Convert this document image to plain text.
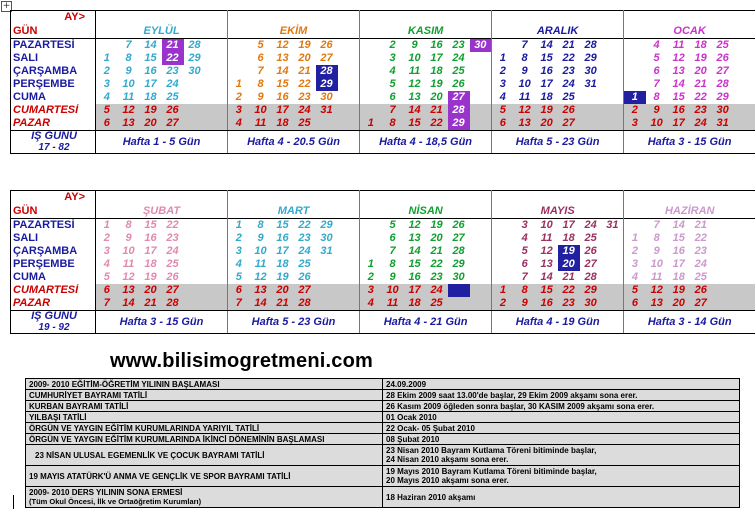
+
AY>	EYLÜL						EKİM						KASIM						ARALIK						OCAK					
GÜN																														
PAZARTESİ		7	14	21	28			5	12	19	26			2	9	16	23	30		7	14	21	28			4	11	18	25	
SALI	1	8	15	22	29			6	13	20	27			3	10	17	24		1	8	15	22	29			5	12	19	26	
ÇARŞAMBA	2	9	16	23	30			7	14	21	28			4	11	18	25		2	9	16	23	30			6	13	20	27	
PERŞEMBE	3	10	17	24			1	8	15	22	29			5	12	19	26		3	10	17	24	31			7	14	21	28	
CUMA	4	11	18	25			2	9	16	23	30			6	13	20	27		4	11	18	25			1	8	15	22	29	
CUMARTESİ	5	12	19	26			3	10	17	24	31			7	14	21	28		5	12	19	26			2	9	16	23	30	
PAZAR	6	13	20	27			4	11	18	25			1	8	15	22	29		6	13	20	27			3	10	17	24	31	

İŞ GÜNÜ
17 - 82	Hafta 1 - 5 Gün						Hafta 4 - 20.5 Gün						Hafta 4 - 18,5 Gün						Hafta 5 - 23 Gün						Hafta 3 - 15 Gün					
AY>	ŞUBAT						MART						NİSAN						MAYIS						HAZİRAN					
GÜN																														
PAZARTESİ	1	8	15	22			1	8	15	22	29			5	12	19	26			3	10	17	24	31		7	14	21		
SALI	2	9	16	23			2	9	16	23	30			6	13	20	27			4	11	18	25		1	8	15	22		
ÇARŞAMBA	3	10	17	24			3	10	17	24	31			7	14	21	28			5	12	19	26		2	9	16	23		
PERŞEMBE	4	11	18	25			4	11	18	25			1	8	15	22	29			6	13	20	27		3	10	17	24		
CUMA	5	12	19	26			5	12	19	26			2	9	16	23	30			7	14	21	28		4	11	18	25		
CUMARTESİ	6	13	20	27			6	13	20	27			3	10	17	24			1	8	15	22	29		5	12	19	26		
PAZAR	7	14	21	28			7	14	21	28			4	11	18	25			2	9	16	23	30		6	13	20	27		

İŞ GÜNÜ
19 - 92	Hafta 3 - 15 Gün						Hafta 5 - 23 Gün						Hafta 4 - 21 Gün						Hafta 4 - 19 Gün						Hafta 3 - 14 Gün					
www.bilisimogretmeni.com
2009- 2010 EĞİTİM-ÖĞRETİM YILININ BAŞLAMASI	24.09.2009

CUMHURİYET BAYRAMI TATİLİ	28 Ekim 2009 saat 13.00'de başlar, 29 Ekim 2009 akşamı sona erer.

KURBAN BAYRAMI TATİLİ	26 Kasım 2009 öğleden sonra başlar, 30 KASIM 2009 akşamı sona erer.

YILBAŞI TATİLİ	01 Ocak 2010

ÖRGÜN VE YAYGIN EĞİTİM KURUMLARINDA YARIYIL TATİLİ	22 Ocak- 05 Şubat 2010

ÖRGÜN VE YAYGIN EĞİTİM KURUMLARINDA İKİNCİ DÖNEMİNİN BAŞLAMASI	08 Şubat 2010

23 NİSAN ULUSAL EGEMENLİK VE ÇOCUK BAYRAMI TATİLİ	23 Nisan 2010 Bayram Kutlama Töreni bitiminde başlar,
24 Nisan 2010 akşamı sona erer.

19 MAYIS ATATÜRK'Ü ANMA VE GENÇLİK VE SPOR BAYRAMI TATİLİ	19 Mayıs 2010 Bayram Kutlama Töreni bitiminde başlar,
20 Mayıs 2010 akşamı sona erer.

2009- 2010 DERS YILININ SONA ERMESİ
(Tüm Okul Öncesi, İlk ve Ortaöğretim Kurumları)	18 Haziran 2010 akşamı
